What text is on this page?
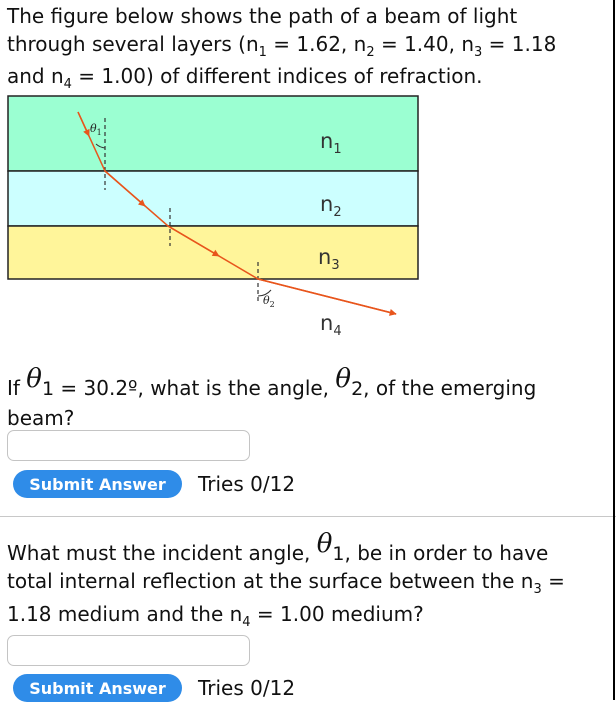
The figure below shows the path of a beam of light
through several layers ($n_1 = 1.62$, $n_2 = 1.40$, $n_3 = 1.18$
and $n_4 = 1.00$) of different indices of refraction.
$\theta_1$
$\theta_2$
$n_1$
$n_2$
$n_3$
$n_4$
If θ1 = 30.2º, what is the angle, θ2, of the emerging
beam?
Submit Answer	Tries 0/12
What must the incident angle, θ1, be in order to have
total internal reflection at the surface between the $n_3$ =
1.18 medium and the $n_4 = 1.00$ medium?
Submit Answer	Tries 0/12
